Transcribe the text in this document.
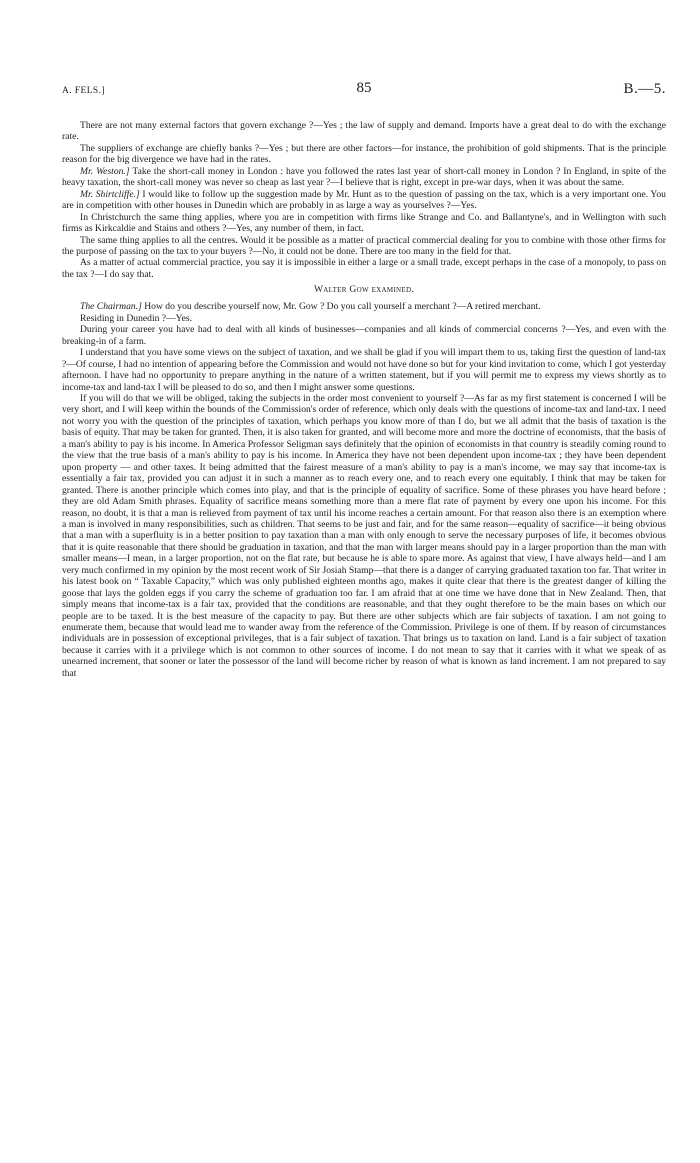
A. FELS.]	85	B.—5.

There are not many external factors that govern exchange ?—Yes ; the law of supply and demand. Imports have a great deal to do with the exchange rate.

The suppliers of exchange are chiefly banks ?—Yes ; but there are other factors—for instance, the prohibition of gold shipments. That is the principle reason for the big divergence we have had in the rates.

Mr. Weston.] Take the short-call money in London : have you followed the rates last year of short-call money in London ? In England, in spite of the heavy taxation, the short-call money was never so cheap as last year ?—I believe that is right, except in pre-war days, when it was about the same.

Mr. Shirtcliffe.] I would like to follow up the suggestion made by Mr. Hunt as to the question of passing on the tax, which is a very important one. You are in competition with other houses in Dunedin which are probably in as large a way as yourselves ?—Yes.

In Christchurch the same thing applies, where you are in competition with firms like Strange and Co. and Ballantyne's, and in Wellington with such firms as Kirkcaldie and Stains and others ?—Yes, any number of them, in fact.

The same thing applies to all the centres. Would it be possible as a matter of practical commercial dealing for you to combine with those other firms for the purpose of passing on the tax to your buyers ?—No, it could not be done. There are too many in the field for that.

As a matter of actual commercial practice, you say it is impossible in either a large or a small trade, except perhaps in the case of a monopoly, to pass on the tax ?—I do say that.

Walter Gow examined.

The Chairman.] How do you describe yourself now, Mr. Gow ? Do you call yourself a merchant ?—A retired merchant.

Residing in Dunedin ?—Yes.

During your career you have had to deal with all kinds of businesses—companies and all kinds of commercial concerns ?—Yes, and even with the breaking-in of a farm.

I understand that you have some views on the subject of taxation, and we shall be glad if you will impart them to us, taking first the question of land-tax ?—Of course, I had no intention of appearing before the Commission and would not have done so but for your kind invitation to come, which I got yesterday afternoon. I have had no opportunity to prepare anything in the nature of a written statement, but if you will permit me to express my views shortly as to income-tax and land-tax I will be pleased to do so, and then I might answer some questions.

If you will do that we will be obliged, taking the subjects in the order most convenient to yourself ?—As far as my first statement is concerned I will be very short, and I will keep within the bounds of the Commission's order of reference, which only deals with the questions of income-tax and land-tax. I need not worry you with the question of the principles of taxation, which perhaps you know more of than I do, but we all admit that the basis of taxation is the basis of equity. That may be taken for granted. Then, it is also taken for granted, and will become more and more the doctrine of economists, that the basis of a man's ability to pay is his income. In America Professor Seligman says definitely that the opinion of economists in that country is steadily coming round to the view that the true basis of a man's ability to pay is his income. In America they have not been dependent upon income-tax ; they have been dependent upon property — and other taxes. It being admitted that the fairest measure of a man's ability to pay is a man's income, we may say that income-tax is essentially a fair tax, provided you can adjust it in such a manner as to reach every one, and to reach every one equitably. I think that may be taken for granted. There is another principle which comes into play, and that is the principle of equality of sacrifice. Some of these phrases you have heard before ; they are old Adam Smith phrases. Equality of sacrifice means something more than a mere flat rate of payment by every one upon his income. For this reason, no doubt, it is that a man is relieved from payment of tax until his income reaches a certain amount. For that reason also there is an exemption where a man is involved in many responsibilities, such as children. That seems to be just and fair, and for the same reason—equality of sacrifice—it being obvious that a man with a superfluity is in a better position to pay taxation than a man with only enough to serve the necessary purposes of life, it becomes obvious that it is quite reasonable that there should be graduation in taxation, and that the man with larger means should pay in a larger proportion than the man with smaller means—I mean, in a larger proportion, not on the flat rate, but because he is able to spare more. As against that view, I have always held—and I am very much confirmed in my opinion by the most recent work of Sir Josiah Stamp—that there is a danger of carrying graduated taxation too far. That writer in his latest book on “ Taxable Capacity,” which was only published eighteen months ago, makes it quite clear that there is the greatest danger of killing the goose that lays the golden eggs if you carry the scheme of graduation too far. I am afraid that at one time we have done that in New Zealand. Then, that simply means that income-tax is a fair tax, provided that the conditions are reasonable, and that they ought therefore to be the main bases on which our people are to be taxed. It is the best measure of the capacity to pay. But there are other subjects which are fair subjects of taxation. I am not going to enumerate them, because that would lead me to wander away from the reference of the Commission. Privilege is one of them. If by reason of circumstances individuals are in possession of exceptional privileges, that is a fair subject of taxation. That brings us to taxation on land. Land is a fair subject of taxation because it carries with it a privilege which is not common to other sources of income. I do not mean to say that it carries with it what we speak of as unearned increment, that sooner or later the possessor of the land will become richer by reason of what is known as land increment. I am not prepared to say that
